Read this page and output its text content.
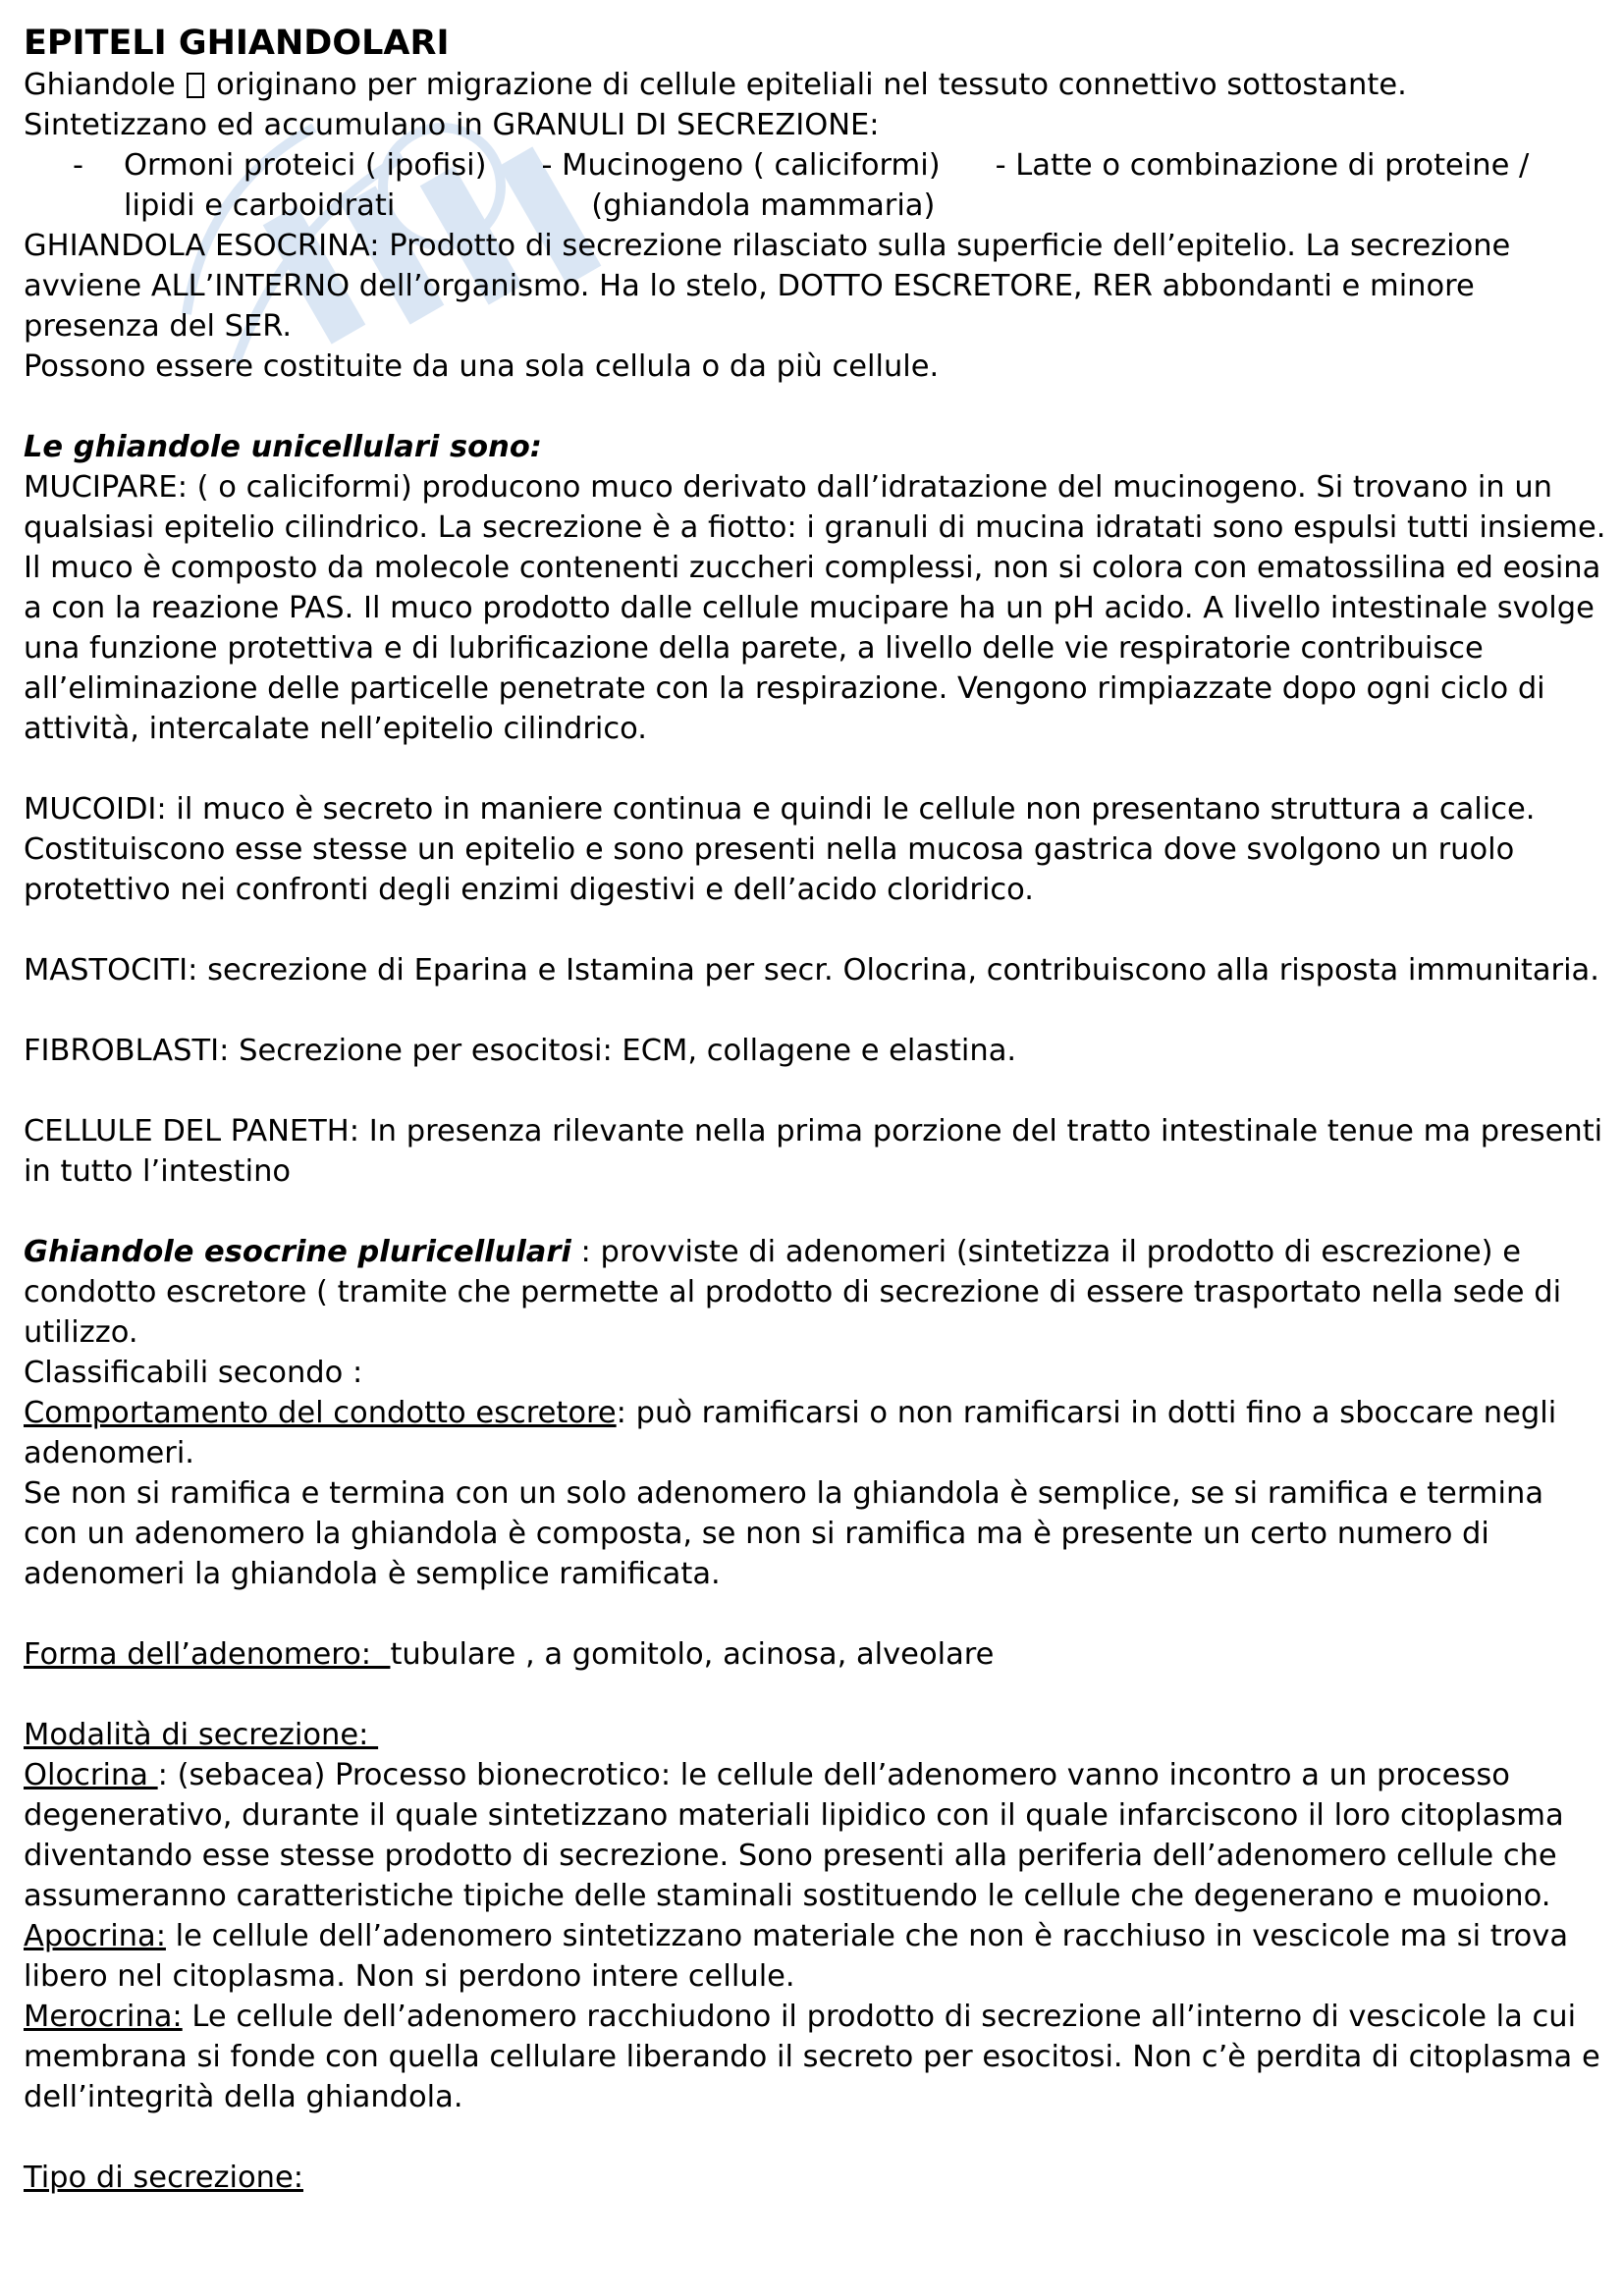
EPITELI GHIANDOLARI

Ghiandole originano per migrazione di cellule epiteliali nel tessuto connettivo sottostante.

Sintetizzano ed accumulano in GRANULI DI SECREZIONE:

- Ormoni proteici ( ipofisi) - Mucinogeno ( caliciformi) - Latte o combinazione di proteine /
lipidi e carboidrati	(ghiandola mammaria)

GHIANDOLA ESOCRINA: Prodotto di secrezione rilasciato sulla superficie dell’epitelio. La secrezione avviene ALL’INTERNO dell’organismo. Ha lo stelo, DOTTO ESCRETORE, RER abbondanti e minore presenza del SER.

Possono essere costituite da una sola cellula o da più cellule.

Le ghiandole unicellulari sono:

MUCIPARE: ( o caliciformi) producono muco derivato dall’idratazione del mucinogeno. Si trovano in un qualsiasi epitelio cilindrico. La secrezione è a fiotto: i granuli di mucina idratati sono espulsi tutti insieme. Il muco è composto da molecole contenenti zuccheri complessi, non si colora con ematossilina ed eosina a con la reazione PAS. Il muco prodotto dalle cellule mucipare ha un pH acido. A livello intestinale svolge una funzione protettiva e di lubrificazione della parete, a livello delle vie respiratorie contribuisce all’eliminazione delle particelle penetrate con la respirazione. Vengono rimpiazzate dopo ogni ciclo di attività, intercalate nell’epitelio cilindrico.

MUCOIDI: il muco è secreto in maniere continua e quindi le cellule non presentano struttura a calice. Costituiscono esse stesse un epitelio e sono presenti nella mucosa gastrica dove svolgono un ruolo protettivo nei confronti degli enzimi digestivi e dell’acido cloridrico.

MASTOCITI: secrezione di Eparina e Istamina per secr. Olocrina, contribuiscono alla risposta immunitaria.

FIBROBLASTI: Secrezione per esocitosi: ECM, collagene e elastina.

CELLULE DEL PANETH: In presenza rilevante nella prima porzione del tratto intestinale tenue ma presenti in tutto l’intestino

Ghiandole esocrine pluricellulari : provviste di adenomeri (sintetizza il prodotto di escrezione) e condotto escretore ( tramite che permette al prodotto di secrezione di essere trasportato nella sede di utilizzo.

Classificabili secondo :

Comportamento del condotto escretore: può ramificarsi o non ramificarsi in dotti fino a sboccare negli adenomeri.

Se non si ramifica e termina con un solo adenomero la ghiandola è semplice, se si ramifica e termina con un adenomero la ghiandola è composta, se non si ramifica ma è presente un certo numero di adenomeri la ghiandola è semplice ramificata.

Forma dell’adenomero:  tubulare , a gomitolo, acinosa, alveolare

Modalità di secrezione:

Olocrina : (sebacea) Processo bionecrotico: le cellule dell’adenomero vanno incontro a un processo degenerativo, durante il quale sintetizzano materiali lipidico con il quale infarciscono il loro citoplasma diventando esse stesse prodotto di secrezione. Sono presenti alla periferia dell’adenomero cellule che assumeranno caratteristiche tipiche delle staminali sostituendo le cellule che degenerano e muoiono.

Apocrina: le cellule dell’adenomero sintetizzano materiale che non è racchiuso in vescicole ma si trova libero nel citoplasma. Non si perdono intere cellule.

Merocrina: Le cellule dell’adenomero racchiudono il prodotto di secrezione all’interno di vescicole la cui membrana si fonde con quella cellulare liberando il secreto per esocitosi. Non c’è perdita di citoplasma e dell’integrità della ghiandola.

Tipo di secrezione:
